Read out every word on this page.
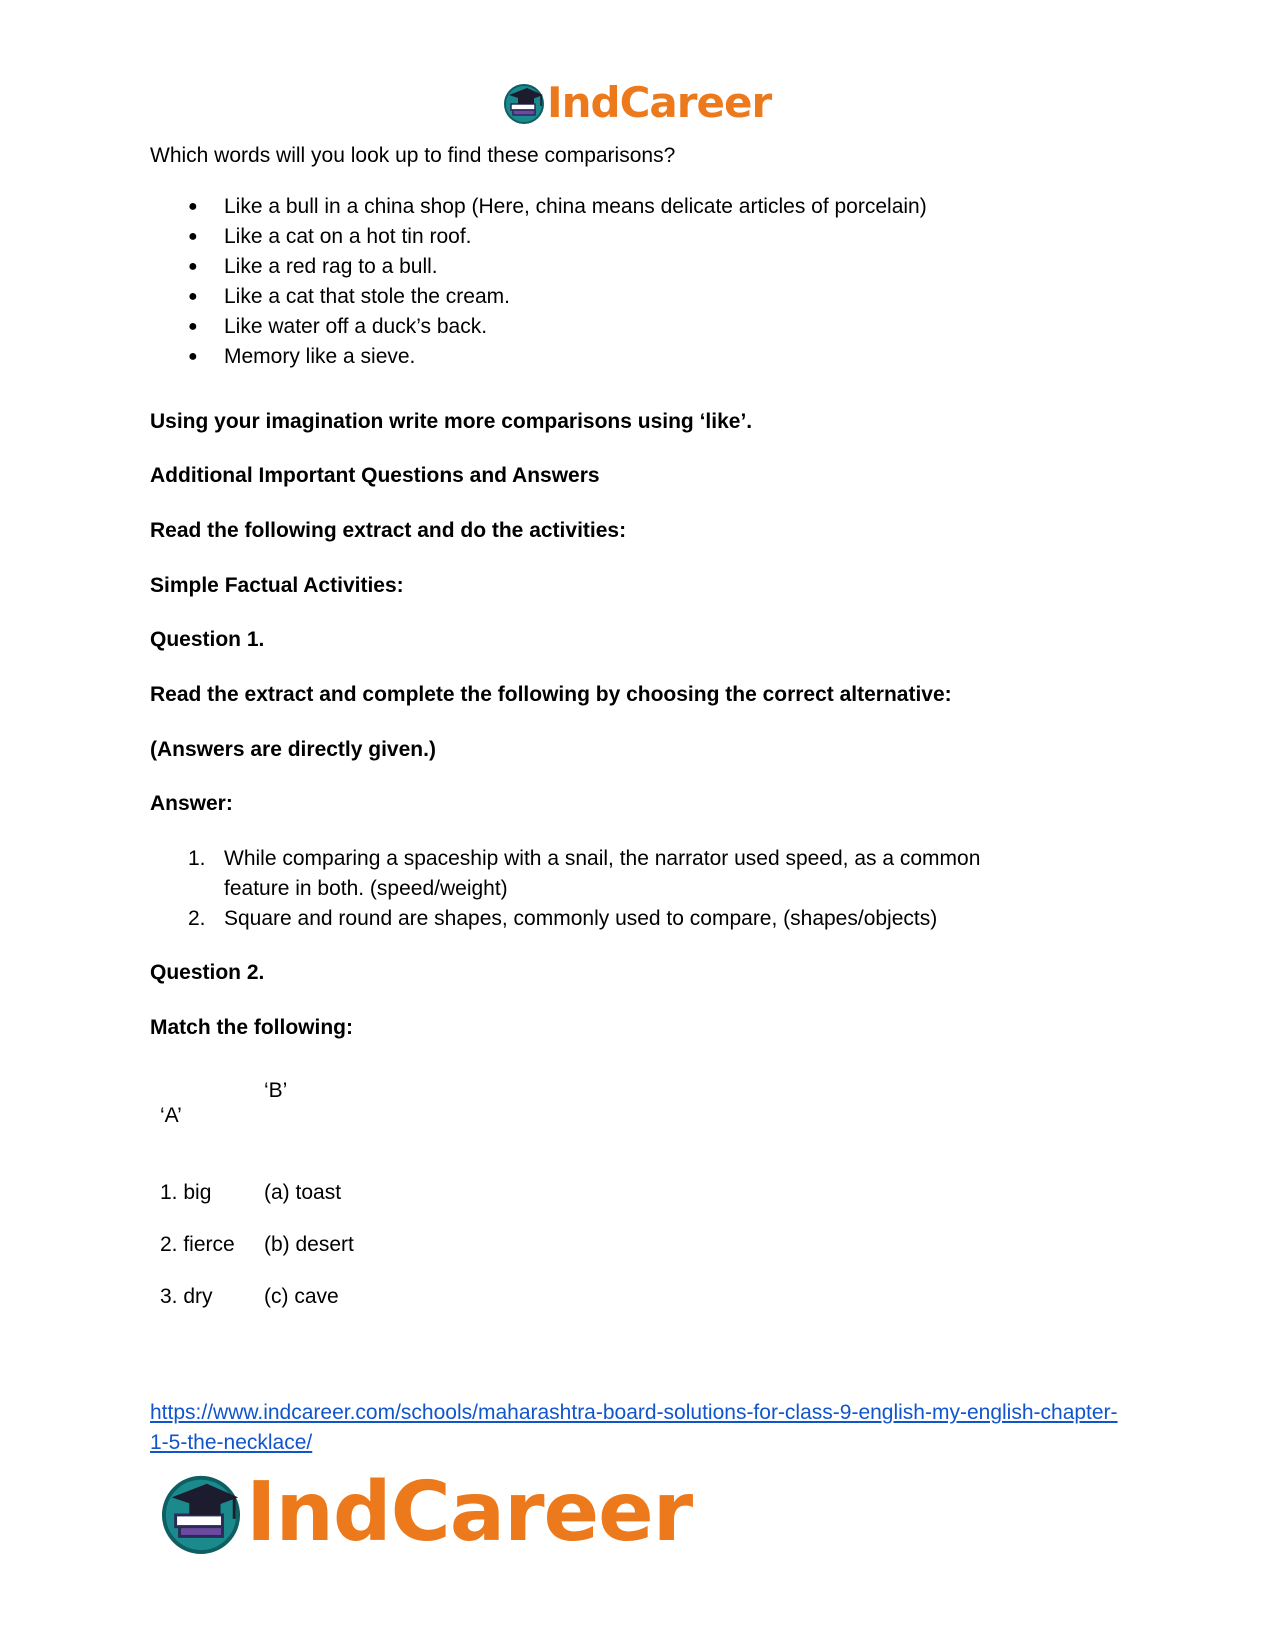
IndCareer

Which words will you look up to find these comparisons?

● Like a bull in a china shop (Here, china means delicate articles of porcelain)
● Like a cat on a hot tin roof.
● Like a red rag to a bull.
● Like a cat that stole the cream.
● Like water off a duck’s back.
● Memory like a sieve.

Using your imagination write more comparisons using ‘like’.

Additional Important Questions and Answers

Read the following extract and do the activities:

Simple Factual Activities:

Question 1.

Read the extract and complete the following by choosing the correct alternative:

(Answers are directly given.)

Answer:

1. While comparing a spaceship with a snail, the narrator used speed, as a common
feature in both. (speed/weight)
2. Square and round are shapes, commonly used to compare, (shapes/objects)

Question 2.

Match the following:

‘A’
‘B’
1. big	(a) toast
2. fierce (b) desert
3. dry (c) cave
https://www.indcareer.com/schools/maharashtra-board-solutions-for-class-9-english-my-english-chapter-1-5-the-necklace/
IndCareer
